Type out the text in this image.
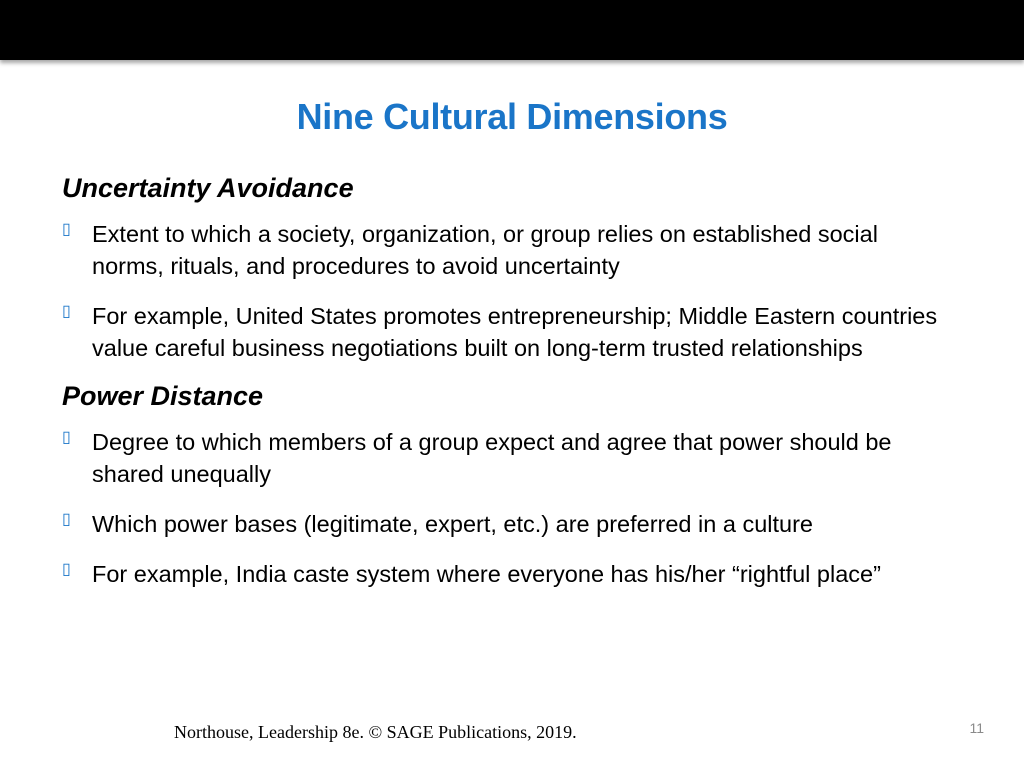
Nine Cultural Dimensions
Uncertainty Avoidance
▯ Extent to which a society, organization, or group relies on established social norms, rituals, and procedures to avoid uncertainty
▯ For example, United States promotes entrepreneurship; Middle Eastern countries value careful business negotiations built on long-term trusted relationships
Power Distance
▯ Degree to which members of a group expect and agree that power should be shared unequally
▯ Which power bases (legitimate, expert, etc.) are preferred in a culture
▯ For example, India caste system where everyone has his/her “rightful place”
Northouse, Leadership 8e. © SAGE Publications, 2019.	11
